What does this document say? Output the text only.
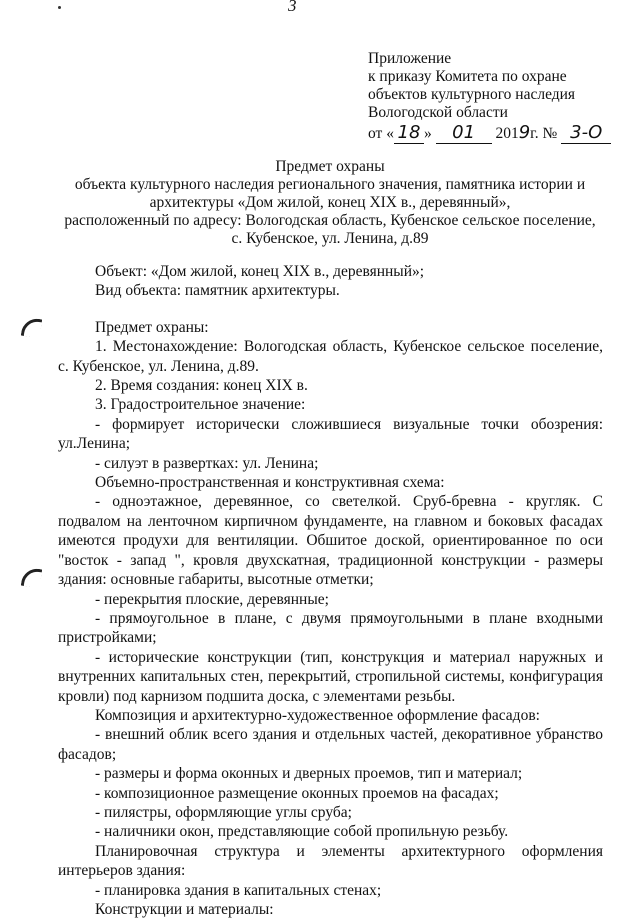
3
Приложение
к приказу Комитета по охране
объектов культурного наследия
Вологодской области
от « 18 » 01 2019г. № 3-О
Предмет охраны
объекта культурного наследия регионального значения, памятника истории и
архитектуры «Дом жилой, конец XIX в., деревянный»,
расположенный по адресу: Вологодская область, Кубенское сельское поселение,
с. Кубенское, ул. Ленина, д.89
Объект: «Дом жилой, конец XIX в., деревянный»;
Вид объекта: памятник архитектуры.
Предмет охраны:
1. Местонахождение: Вологодская область, Кубенское сельское поселение, с. Кубенское, ул. Ленина, д.89.
2. Время создания: конец XIX в.
3. Градостроительное значение:
- формирует исторически сложившиеся визуальные точки обозрения: ул.Ленина;
- силуэт в развертках: ул. Ленина;
Объемно-пространственная и конструктивная схема:
- одноэтажное, деревянное, со светелкой. Сруб-бревна - кругляк. С подвалом на ленточном кирпичном фундаменте, на главном и боковых фасадах имеются продухи для вентиляции. Обшитое доской, ориентированное по оси "восток - запад ", кровля двухскатная, традиционной конструкции - размеры здания: основные габариты, высотные отметки;
- перекрытия плоские, деревянные;
- прямоугольное в плане, с двумя прямоугольными в плане входными пристройками;
- исторические конструкции (тип, конструкция и материал наружных и внутренних капитальных стен, перекрытий, стропильной системы, конфигурация кровли) под карнизом подшита доска, с элементами резьбы.
Композиция и архитектурно-художественное оформление фасадов:
- внешний облик всего здания и отдельных частей, декоративное убранство фасадов;
- размеры и форма оконных и дверных проемов, тип и материал;
- композиционное размещение оконных проемов на фасадах;
- пилястры, оформляющие углы сруба;
- наличники окон, представляющие собой пропильную резьбу.
Планировочная структура и элементы архитектурного оформления интерьеров здания:
- планировка здания в капитальных стенах;
Конструкции и материалы:
